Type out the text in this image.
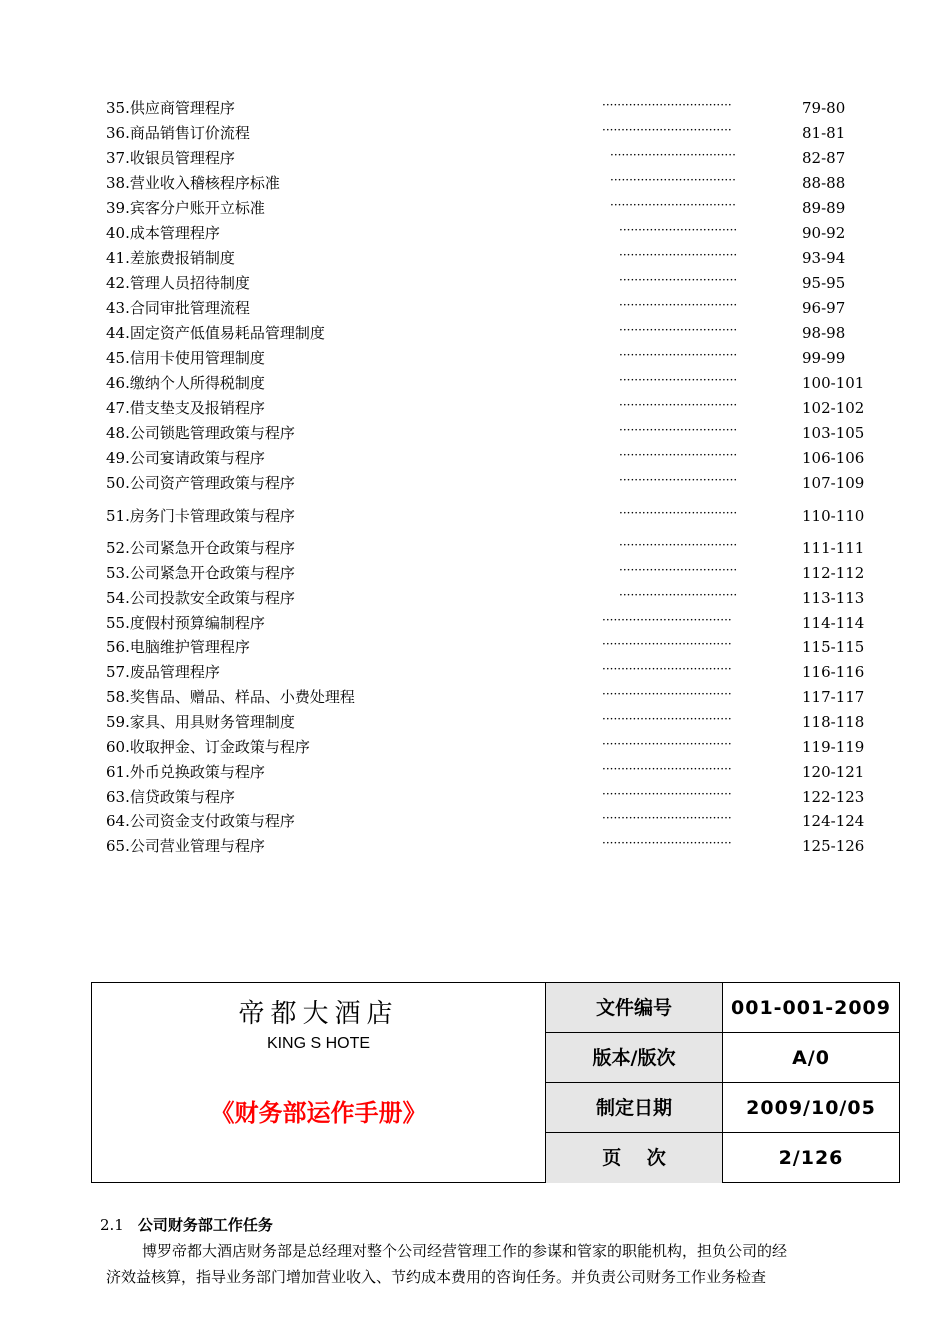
35.供应商管理程序	··································	79-80
36.商品销售订价流程	··································	81-81
37.收银员管理程序	·································	82-87
38.营业收入稽核程序标准	·································	88-88
39.宾客分户账开立标准	·································	89-89
40.成本管理程序	·······························	90-92
41.差旅费报销制度	·······························	93-94
42.管理人员招待制度	·······························	95-95
43.合同审批管理流程	·······························	96-97
44.固定资产低值易耗品管理制度	·······························	98-98
45.信用卡使用管理制度	·······························	99-99
46.缴纳个人所得税制度	·······························	100-101
47.借支垫支及报销程序	·······························	102-102
48.公司锁匙管理政策与程序	·······························	103-105
49.公司宴请政策与程序	·······························	106-106
50.公司资产管理政策与程序	·······························	107-109
51.房务门卡管理政策与程序	·······························	110-110
52.公司紧急开仓政策与程序	·······························	111-111
53.公司紧急开仓政策与程序	·······························	112-112
54.公司投款安全政策与程序	·······························	113-113
55.度假村预算编制程序	··································	114-114
56.电脑维护管理程序	··································	115-115
57.废品管理程序	··································	116-116
58.奖售品、赠品、样品、小费处理程	··································	117-117
59.家具、用具财务管理制度	··································	118-118
60.收取押金、订金政策与程序	··································	119-119
61.外币兑换政策与程序	··································	120-121
63.信贷政策与程序	··································	122-123
64.公司资金支付政策与程序	··································	124-124
65.公司营业管理与程序	··································	125-126
帝都大酒店
KING S HOTE
《财务部运作手册》
文件编号	001-001-2009
版本/版次	A/0
制定日期	2009/10/05
页　 次	2/126
2.1 公司财务部工作任务
博罗帝都大酒店财务部是总经理对整个公司经营管理工作的参谋和管家的职能机构，担负公司的经
济效益核算，指导业务部门增加营业收入、节约成本费用的咨询任务。并负责公司财务工作业务检查
